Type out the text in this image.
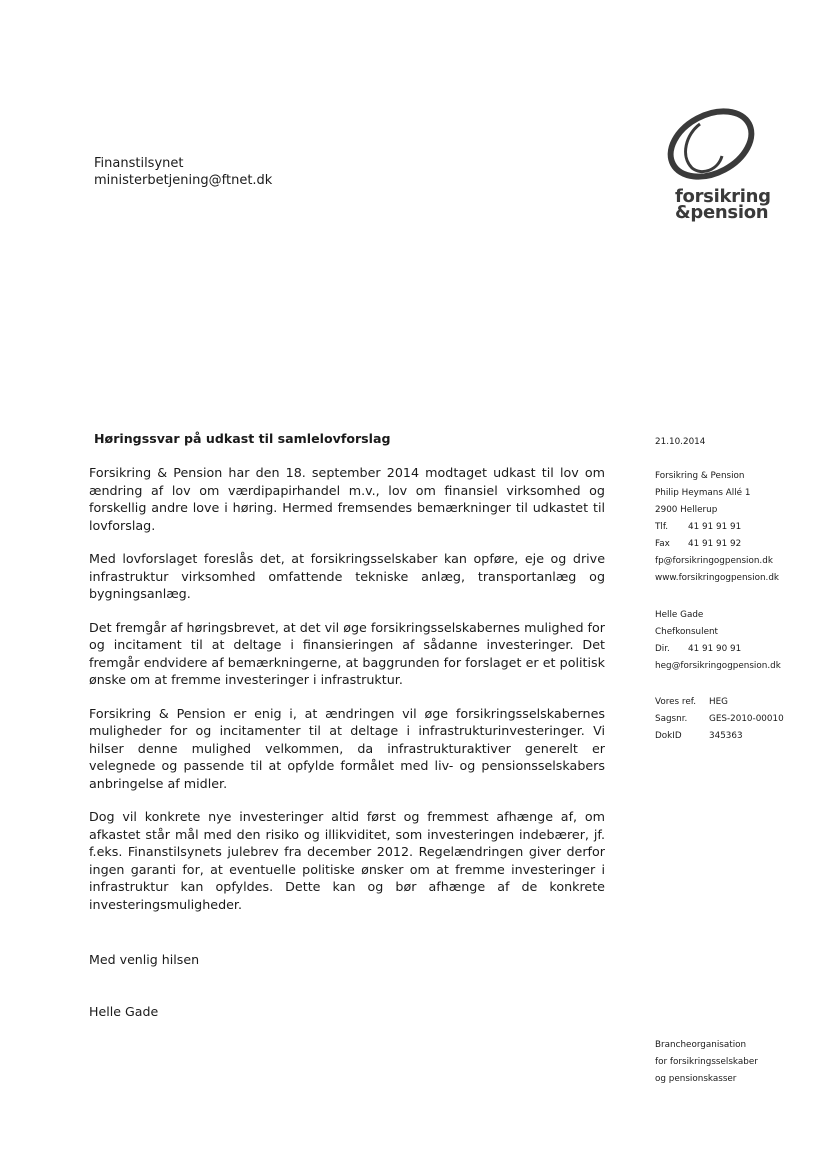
Finanstilsynet
ministerbetjening@ftnet.dk
forsikring
&pension
Høringssvar på udkast til samlelovforslag

Forsikring & Pension har den 18. september 2014 modtaget udkast til lov om ændring af lov om værdipapirhandel m.v., lov om finansiel virksomhed og forskellig andre love i høring. Hermed fremsendes bemærkninger til udkastet til lovforslag.

Med lovforslaget foreslås det, at forsikringsselskaber kan opføre, eje og drive infrastruktur virksomhed omfattende tekniske anlæg, transportanlæg og bygningsanlæg.

Det fremgår af høringsbrevet, at det vil øge forsikringsselskabernes mulighed for og incitament til at deltage i finansieringen af sådanne investeringer. Det fremgår endvidere af bemærkningerne, at baggrunden for forslaget er et politisk ønske om at fremme investeringer i infrastruktur.

Forsikring & Pension er enig i, at ændringen vil øge forsikringsselskabernes muligheder for og incitamenter til at deltage i infrastrukturinvesteringer. Vi hilser denne mulighed velkommen, da infrastrukturaktiver generelt er velegnede og passende til at opfylde formålet med liv- og pensionsselskabers anbringelse af midler.

Dog vil konkrete nye investeringer altid først og fremmest afhænge af, om afkastet står mål med den risiko og illikviditet, som investeringen indebærer, jf. f.eks. Finanstilsynets julebrev fra december 2012. Regelændringen giver derfor ingen garanti for, at eventuelle politiske ønsker om at fremme investeringer i infrastruktur kan opfyldes. Dette kan og bør afhænge af de konkrete investeringsmuligheder.

Med venlig hilsen
Helle Gade
21.10.2014
Forsikring & Pension
Philip Heymans Allé 1
2900 Hellerup
Tlf. 41 91 91 91
Fax 41 91 91 92
fp@forsikringogpension.dk
www.forsikringogpension.dk
Helle Gade
Chefkonsulent
Dir. 41 91 90 91
heg@forsikringogpension.dk
Vores ref. HEG
Sagsnr. GES-2010-00010
DokID	345363
Brancheorganisation
for forsikringsselskaber
og pensionskasser
